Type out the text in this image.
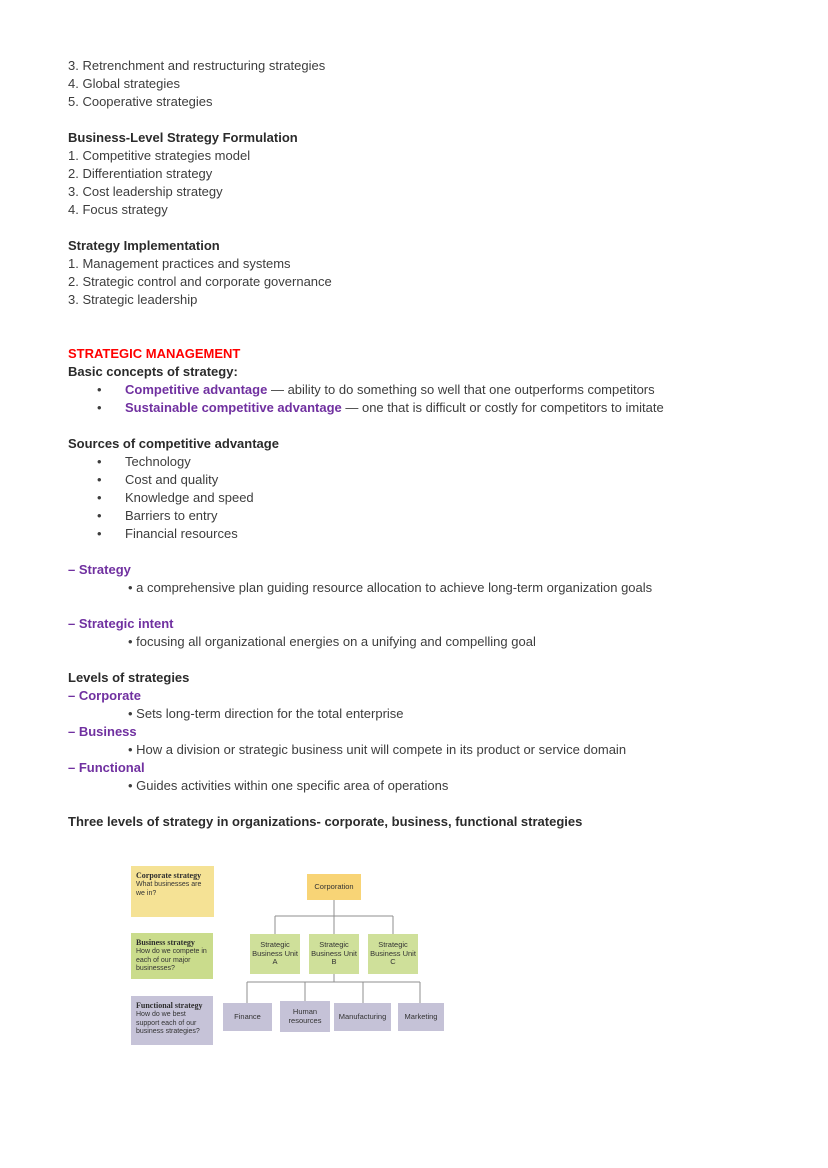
3. Retrenchment and restructuring strategies
4. Global strategies
5. Cooperative strategies
Business-Level Strategy Formulation
1. Competitive strategies model
2. Differentiation strategy
3. Cost leadership strategy
4. Focus strategy
Strategy Implementation
1. Management practices and systems
2. Strategic control and corporate governance
3. Strategic leadership
STRATEGIC MANAGEMENT
Basic concepts of strategy:
• Competitive advantage — ability to do something so well that one outperforms competitors
• Sustainable competitive advantage — one that is difficult or costly for competitors to imitate
Sources of competitive advantage
• Technology
• Cost and quality
• Knowledge and speed
• Barriers to entry
• Financial resources
– Strategy
• a comprehensive plan guiding resource allocation to achieve long-term organization goals
– Strategic intent
• focusing all organizational energies on a unifying and compelling goal
Levels of strategies
– Corporate
• Sets long-term direction for the total enterprise
– Business
• How a division or strategic business unit will compete in its product or service domain
– Functional
• Guides activities within one specific area of operations
Three levels of strategy in organizations- corporate, business, functional strategies
Corporate strategy
What businesses are we in?
Business strategy
How do we compete in each of our major businesses?
Functional strategy
How do we best support each of our business strategies?
Corporation
Strategic Business Unit A
Strategic Business Unit B
Strategic Business Unit C
Finance
Human resources	Manufacturing	Marketing
